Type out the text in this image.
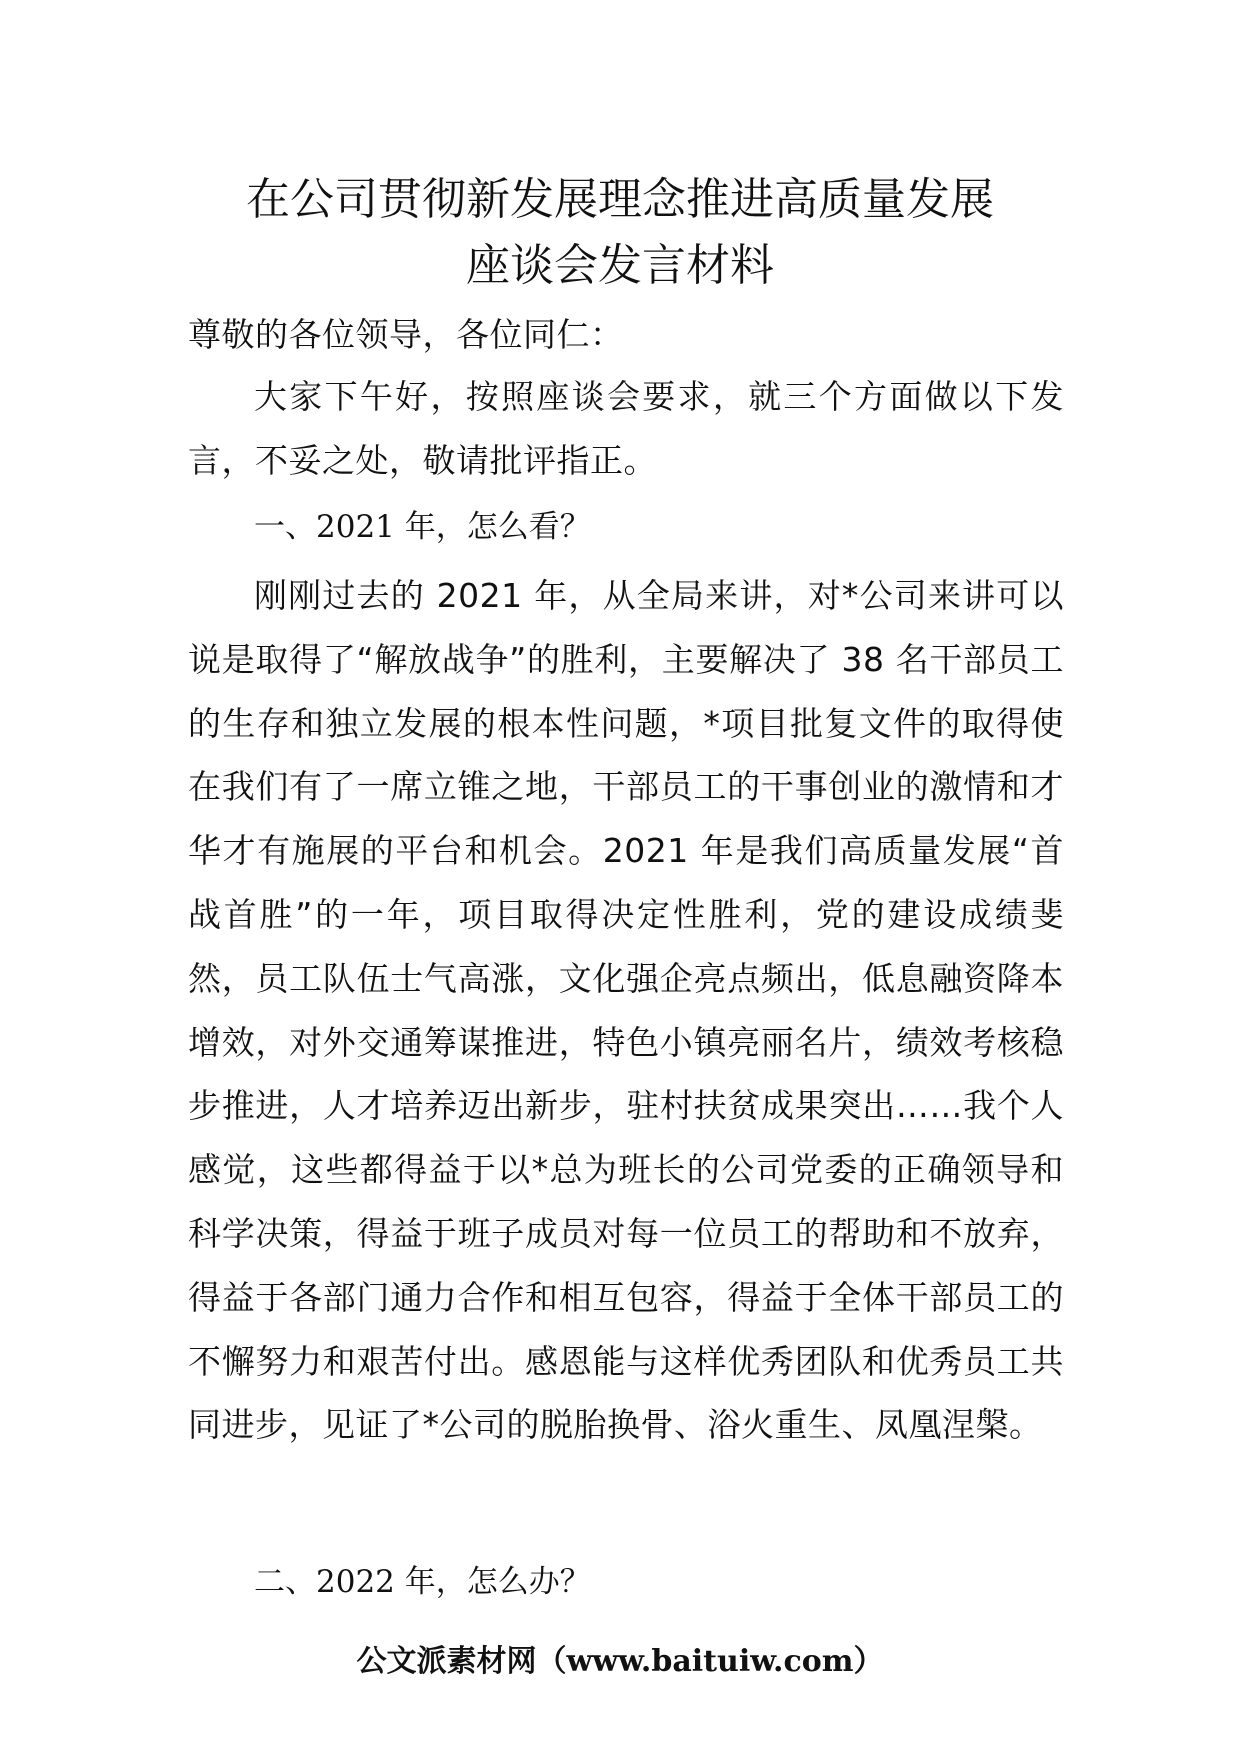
在公司贯彻新发展理念推进高质量发展
座谈会发言材料

尊敬的各位领导，各位同仁：

大家下午好，按照座谈会要求，就三个方面做以下发言，不妥之处，敬请批评指正。

一、2021 年，怎么看？

刚刚过去的 2021 年，从全局来讲，对*公司来讲可以说是取得了“解放战争”的胜利，主要解决了 38 名干部员工的生存和独立发展的根本性问题，*项目批复文件的取得使在我们有了一席立锥之地，干部员工的干事创业的激情和才华才有施展的平台和机会。2021 年是我们高质量发展“首战首胜”的一年，项目取得决定性胜利，党的建设成绩斐然，员工队伍士气高涨，文化强企亮点频出，低息融资降本增效，对外交通筹谋推进，特色小镇亮丽名片，绩效考核稳步推进，人才培养迈出新步，驻村扶贫成果突出……我个人感觉，这些都得益于以*总为班长的公司党委的正确领导和科学决策，得益于班子成员对每一位员工的帮助和不放弃，得益于各部门通力合作和相互包容，得益于全体干部员工的不懈努力和艰苦付出。感恩能与这样优秀团队和优秀员工共同进步，见证了*公司的脱胎换骨、浴火重生、凤凰涅槃。

二、2022 年，怎么办？

公文派素材网（www.baituiw.com）
